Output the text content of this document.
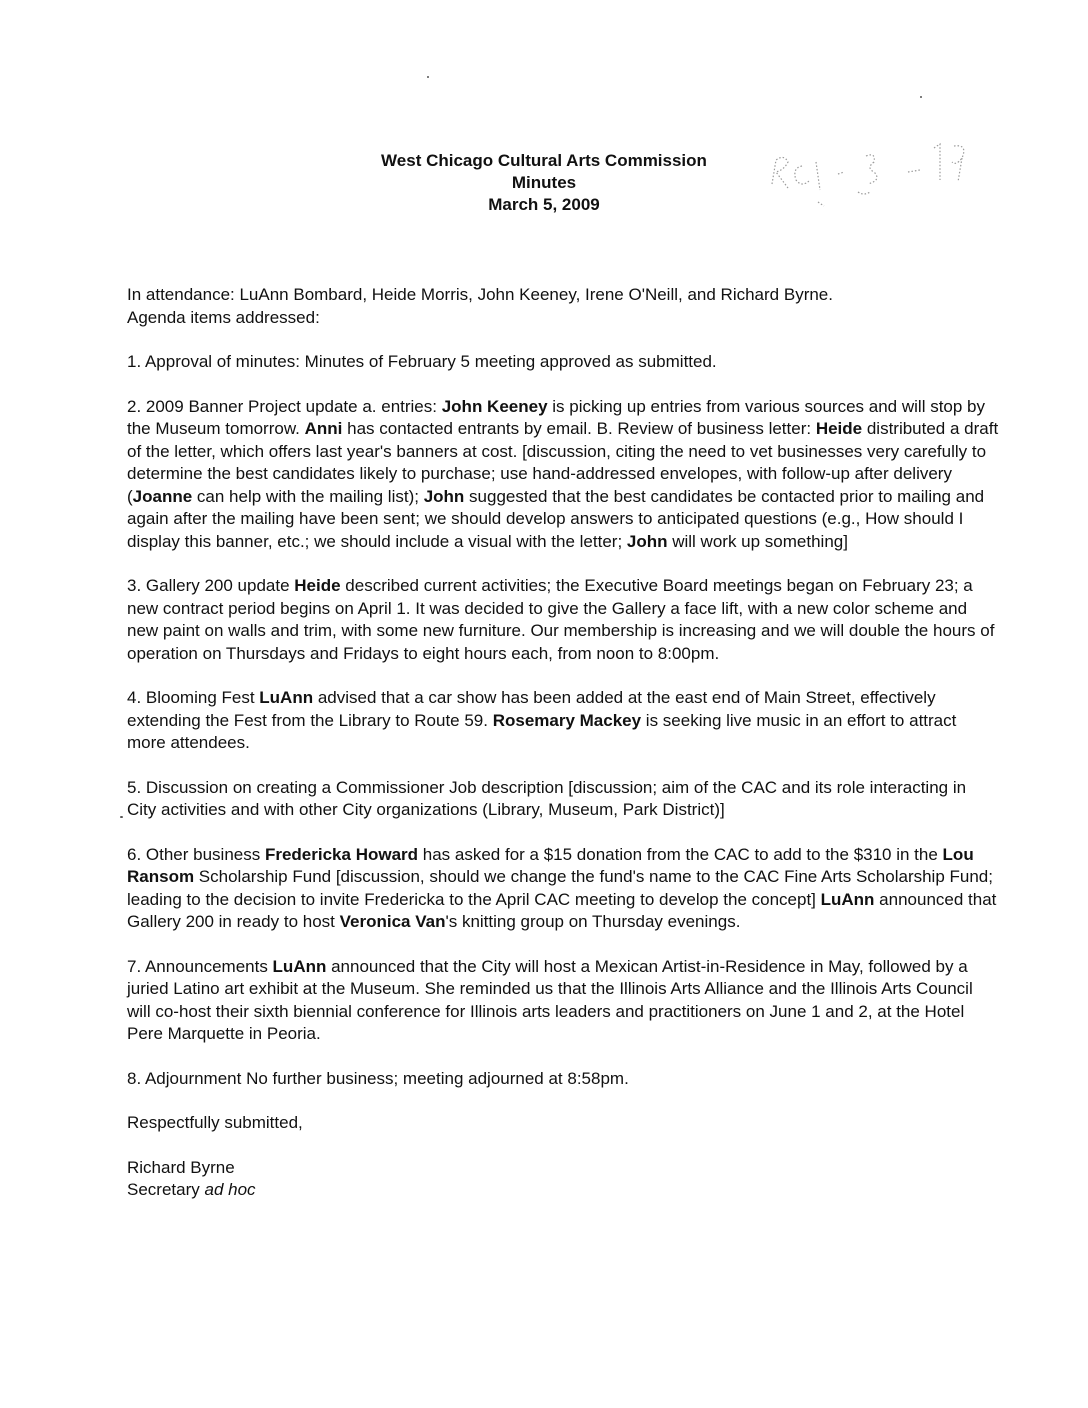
West Chicago Cultural Arts Commission
Minutes
March 5, 2009

In attendance: LuAnn Bombard, Heide Morris, John Keeney, Irene O'Neill, and Richard Byrne.
Agenda items addressed:

1. Approval of minutes: Minutes of February 5 meeting approved as submitted.

2. 2009 Banner Project update a. entries: John Keeney is picking up entries from various sources and will stop by the Museum tomorrow. Anni has contacted entrants by email. B. Review of business letter: Heide distributed a draft of the letter, which offers last year's banners at cost. [discussion, citing the need to vet businesses very carefully to determine the best candidates likely to purchase; use hand-addressed envelopes, with follow-up after delivery (Joanne can help with the mailing list); John suggested that the best candidates be contacted prior to mailing and again after the mailing have been sent; we should develop answers to anticipated questions (e.g., How should I display this banner, etc.; we should include a visual with the letter; John will work up something]

3. Gallery 200 update Heide described current activities; the Executive Board meetings began on February 23; a new contract period begins on April 1. It was decided to give the Gallery a face lift, with a new color scheme and new paint on walls and trim, with some new furniture. Our membership is increasing and we will double the hours of operation on Thursdays and Fridays to eight hours each, from noon to 8:00pm.

4. Blooming Fest LuAnn advised that a car show has been added at the east end of Main Street, effectively extending the Fest from the Library to Route 59. Rosemary Mackey is seeking live music in an effort to attract more attendees.

5. Discussion on creating a Commissioner Job description [discussion; aim of the CAC and its role interacting in City activities and with other City organizations (Library, Museum, Park District)]

6. Other business Fredericka Howard has asked for a $15 donation from the CAC to add to the $310 in the Lou Ransom Scholarship Fund [discussion, should we change the fund's name to the CAC Fine Arts Scholarship Fund; leading to the decision to invite Fredericka to the April CAC meeting to develop the concept] LuAnn announced that Gallery 200 in ready to host Veronica Van's knitting group on Thursday evenings.

7. Announcements LuAnn announced that the City will host a Mexican Artist-in-Residence in May, followed by a juried Latino art exhibit at the Museum. She reminded us that the Illinois Arts Alliance and the Illinois Arts Council will co-host their sixth biennial conference for Illinois arts leaders and practitioners on June 1 and 2, at the Hotel Pere Marquette in Peoria.

8. Adjournment No further business; meeting adjourned at 8:58pm.

Respectfully submitted,

Richard Byrne

Secretary ad hoc
